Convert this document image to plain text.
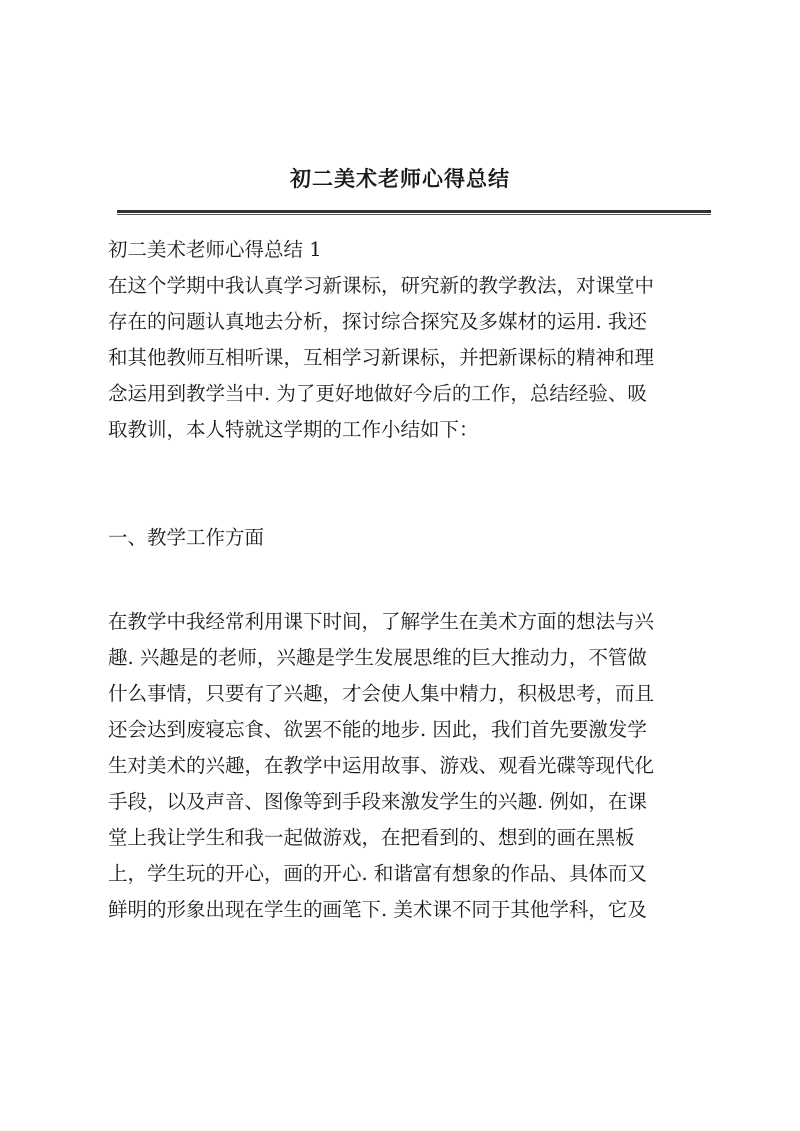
初二美术老师心得总结
初二美术老师心得总结 1
在这个学期中我认真学习新课标，研究新的教学教法，对课堂中
存在的问题认真地去分析，探讨综合探究及多媒材的运用. 我还
和其他教师互相听课，互相学习新课标，并把新课标的精神和理
念运用到教学当中. 为了更好地做好今后的工作，总结经验、吸
取教训，本人特就这学期的工作小结如下：
一、教学工作方面
在教学中我经常利用课下时间，了解学生在美术方面的想法与兴
趣. 兴趣是的老师，兴趣是学生发展思维的巨大推动力，不管做
什么事情，只要有了兴趣，才会使人集中精力，积极思考，而且
还会达到废寝忘食、欲罢不能的地步. 因此，我们首先要激发学
生对美术的兴趣，在教学中运用故事、游戏、观看光碟等现代化
手段，以及声音、图像等到手段来激发学生的兴趣. 例如，在课
堂上我让学生和我一起做游戏，在把看到的、想到的画在黑板
上，学生玩的开心，画的开心. 和谐富有想象的作品、具体而又
鲜明的形象出现在学生的画笔下. 美术课不同于其他学科，它及
